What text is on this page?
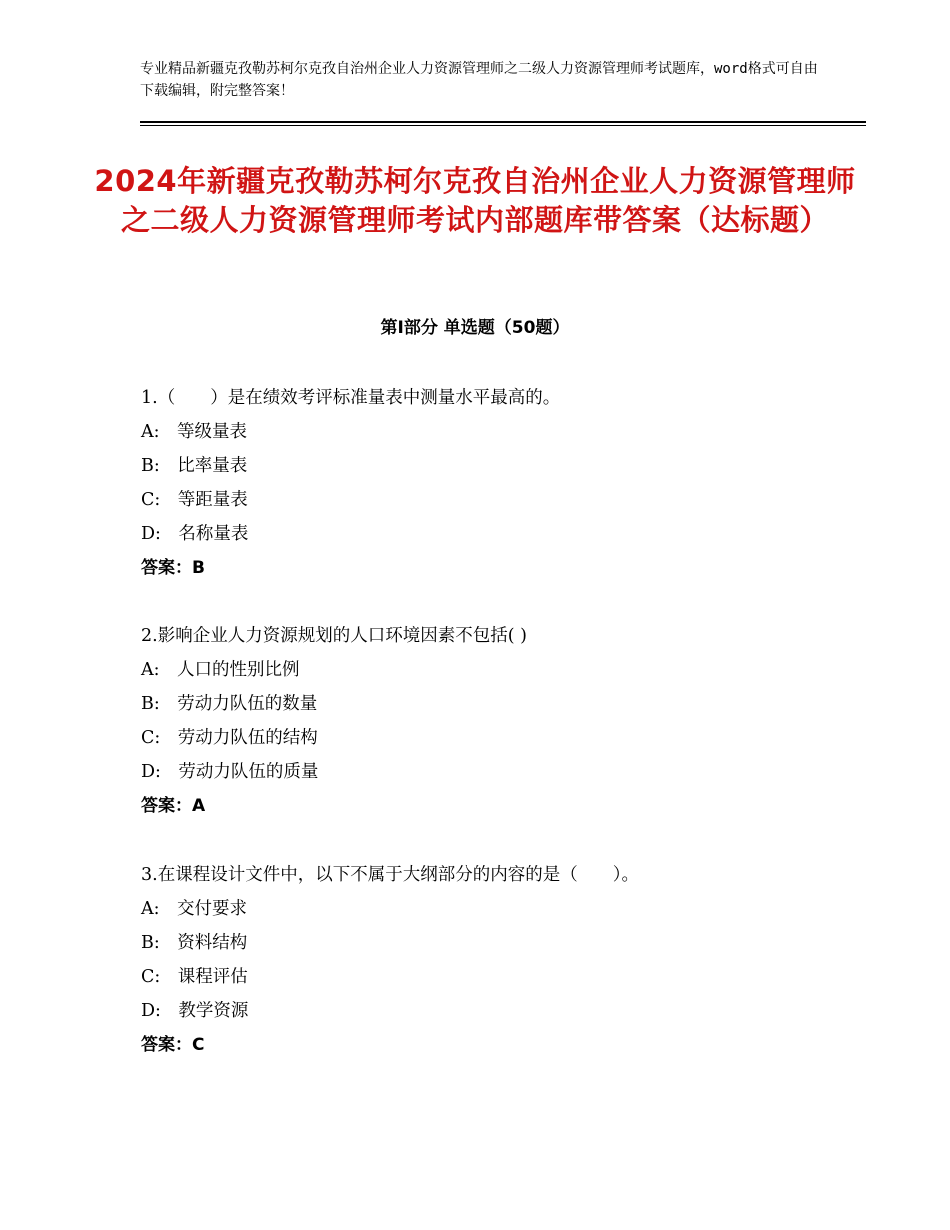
专业精品新疆克孜勒苏柯尔克孜自治州企业人力资源管理师之二级人力资源管理师考试题库，word格式可自由下载编辑，附完整答案！
2024年新疆克孜勒苏柯尔克孜自治州企业人力资源管理师之二级人力资源管理师考试内部题库带答案（达标题）
第Ⅰ部分 单选题（50题）
1.（　　）是在绩效考评标准量表中测量水平最高的。
A:　等级量表
B:　比率量表
C:　等距量表
D:　名称量表
答案：B
2.影响企业人力资源规划的人口环境因素不包括( )
A:　人口的性别比例
B:　劳动力队伍的数量
C:　劳动力队伍的结构
D:　劳动力队伍的质量
答案：A
3.在课程设计文件中，以下不属于大纲部分的内容的是（　　）。
A:　交付要求
B:　资料结构
C:　课程评估
D:　教学资源
答案：C
